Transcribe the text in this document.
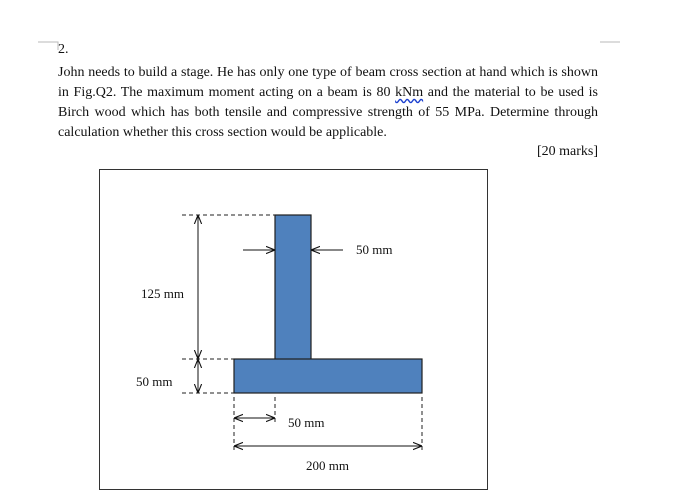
2.
John needs to build a stage. He has only one type of beam cross section at hand which is shown in Fig.Q2. The maximum moment acting on a beam is 80 kNm and the material to be used is Birch wood which has both tensile and compressive strength of 55 MPa. Determine through calculation whether this cross section would be applicable.
[20 marks]
50 mm
125 mm
50 mm
50 mm
200 mm
